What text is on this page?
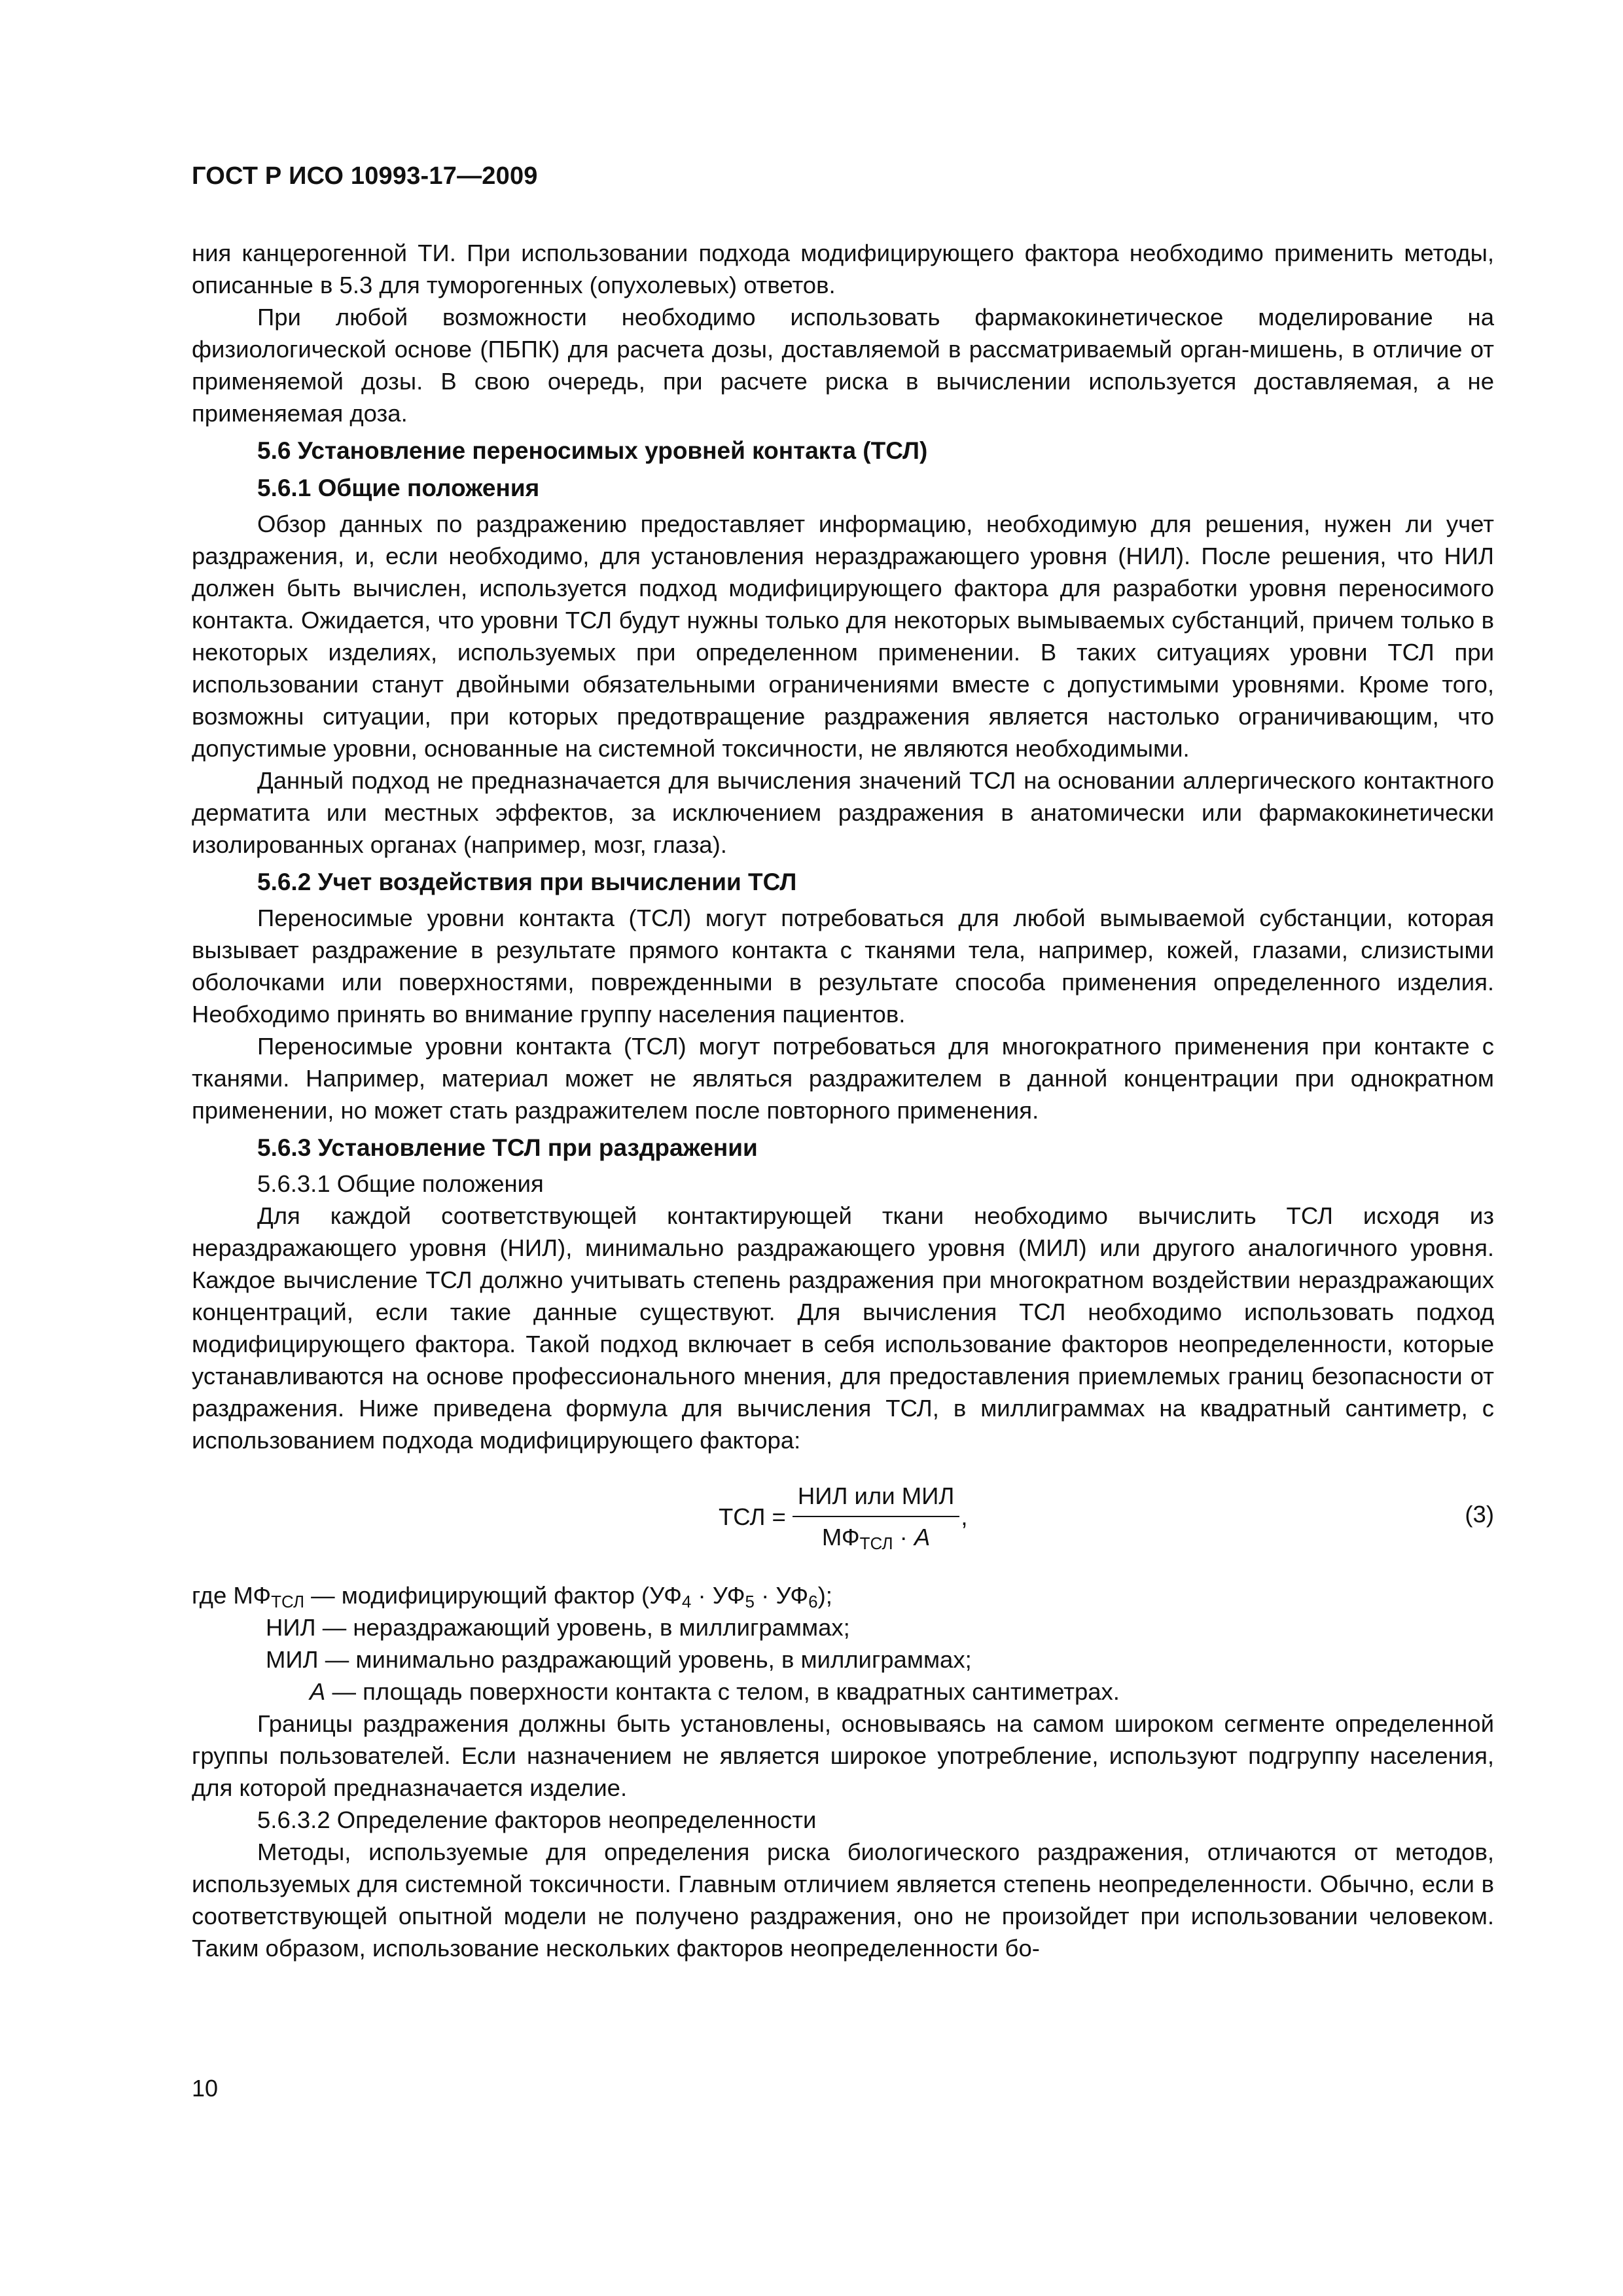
ГОСТ Р ИСО 10993-17—2009

ния канцерогенной ТИ. При использовании подхода модифицирующего фактора необходимо применить методы, описанные в 5.3 для туморогенных (опухолевых) ответов.

При любой возможности необходимо использовать фармакокинетическое моделирование на физиологической основе (ПБПК) для расчета дозы, доставляемой в рассматриваемый орган-мишень, в отличие от применяемой дозы. В свою очередь, при расчете риска в вычислении используется доставляемая, а не применяемая доза.

5.6 Установление переносимых уровней контакта (ТСЛ)
5.6.1 Общие положения

Обзор данных по раздражению предоставляет информацию, необходимую для решения, нужен ли учет раздражения, и, если необходимо, для установления нераздражающего уровня (НИЛ). После решения, что НИЛ должен быть вычислен, используется подход модифицирующего фактора для разработки уровня переносимого контакта. Ожидается, что уровни ТСЛ будут нужны только для некоторых вымываемых субстанций, причем только в некоторых изделиях, используемых при определенном применении. В таких ситуациях уровни ТСЛ при использовании станут двойными обязательными ограничениями вместе с допустимыми уровнями. Кроме того, возможны ситуации, при которых предотвращение раздражения является настолько ограничивающим, что допустимые уровни, основанные на системной токсичности, не являются необходимыми.

Данный подход не предназначается для вычисления значений ТСЛ на основании аллергического контактного дерматита или местных эффектов, за исключением раздражения в анатомически или фармакокинетически изолированных органах (например, мозг, глаза).

5.6.2 Учет воздействия при вычислении ТСЛ

Переносимые уровни контакта (ТСЛ) могут потребоваться для любой вымываемой субстанции, которая вызывает раздражение в результате прямого контакта с тканями тела, например, кожей, глазами, слизистыми оболочками или поверхностями, поврежденными в результате способа применения определенного изделия. Необходимо принять во внимание группу населения пациентов.

Переносимые уровни контакта (ТСЛ) могут потребоваться для многократного применения при контакте с тканями. Например, материал может не являться раздражителем в данной концентрации при однократном применении, но может стать раздражителем после повторного применения.

5.6.3 Установление ТСЛ при раздражении
5.6.3.1 Общие положения

Для каждой соответствующей контактирующей ткани необходимо вычислить ТСЛ исходя из нераздражающего уровня (НИЛ), минимально раздражающего уровня (МИЛ) или другого аналогичного уровня. Каждое вычисление ТСЛ должно учитывать степень раздражения при многократном воздействии нераздражающих концентраций, если такие данные существуют. Для вычисления ТСЛ необходимо использовать подход модифицирующего фактора. Такой подход включает в себя использование факторов неопределенности, которые устанавливаются на основе профессионального мнения, для предоставления приемлемых границ безопасности от раздражения. Ниже приведена формула для вычисления ТСЛ, в миллиграммах на квадратный сантиметр, с использованием подхода модифицирующего фактора:

ТСЛ = $\frac{\text{НИЛ или МИЛ}}{МФ_{ТСЛ} \cdot A}$ ,	(3)
где $МФ_{ТСЛ}$ — модифицирующий фактор $(УФ_4 \cdot УФ_5 \cdot УФ_6)$;
НИЛ — нераздражающий уровень, в миллиграммах;
МИЛ — минимально раздражающий уровень, в миллиграммах;
A — площадь поверхности контакта с телом, в квадратных сантиметрах.

Границы раздражения должны быть установлены, основываясь на самом широком сегменте определенной группы пользователей. Если назначением не является широкое употребление, используют подгруппу населения, для которой предназначается изделие.

5.6.3.2 Определение факторов неопределенности

Методы, используемые для определения риска биологического раздражения, отличаются от методов, используемых для системной токсичности. Главным отличием является степень неопределенности. Обычно, если в соответствующей опытной модели не получено раздражения, оно не произойдет при использовании человеком. Таким образом, использование нескольких факторов неопределенности бо-

10
